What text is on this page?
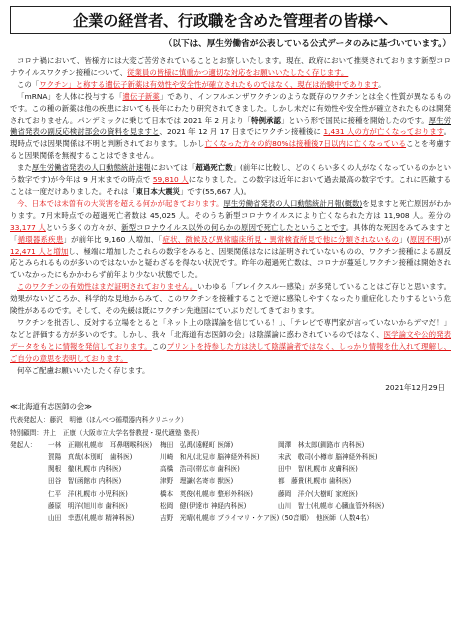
企業の経営者、行政職を含めた管理者の皆様へ
（以下は、厚生労働省が公表している公式データのみに基づいています。）

コロナ禍において、皆様方には大変ご苦労されていることとお察しいたします。現在、政府において推奨されております新型コロナウイルスワクチン接種について、従業員の皆様に慎重かつ適切な対応をお願いいたしたく存じます。

この「ワクチン」と称する遺伝子新薬は有効性や安全性が確立されたものではなく、現在は治験中であります。

「mRNA」を人体に投与する「遺伝子新薬」であり、インフルエンザワクチンのような既存のワクチンとは全く性質が異なるものです。この種の新薬は他の疾患においても長年にわたり研究されてきました。しかし未だに有効性や安全性が確立されたものは開発されておりません。パンデミックに乗じて日本では 2021 年 2 月より「特例承認」という形で国民に接種を開始したのです。厚生労働省発表の副反応検討部会の資料を見ますと、2021 年 12 月 17 日までにワクチン接種後に 1,431 人の方が亡くなっております。現時点では因果関係は不明と判断されております。しかし亡くなった方々の約80%は接種後7日以内に亡くなっていることを考慮すると因果関係を無視することはできません。

また厚生労働省発表の人口動態統計速報においては「超過死亡数」(前年に比較し、どのくらい多くの人がなくなっているのかという数字です)が今年は 9 月末までの時点で 59,810 人になりました。この数字は近年において過去最高の数字です。これに匹敵することは一度だけありました。それは「東日本大震災」です(55,667 人)。

今、日本では未曽有の大災害を超える何かが起きております。厚生労働省発表の人口動態統計月報(概数)を見ますと死亡原因がわかります。7月末時点での超過死亡者数は 45,025 人。そのうち新型コロナウイルスにより亡くなられた方は 11,908 人。差分の 33,177 人という多くの方々が、新型コロナウイルス以外の何らかの原因で死亡したということです。具体的な死因をみてみますと「循環器系疾患」が前年比 9,160 人増加、「症状、徴候及び異常臨床所見・異常検査所見で他に分類されないもの」(原因不明)が 12,471 人と増加し、極端に増加したこれらの数字をみると、因果関係はなには証明されていないものの、ワクチン接種による副反応とみられるものが多いのではないかと疑わざるを得ない状況です。昨年の超過死亡数は、コロナが蔓延しワクチン接種は開始されていなかったにもかかわらず前年より少ない状態でした。

このワクチンの有効性はまだ証明されておりません。いわゆる「ブレイクスルー感染」が多発していることはご存じと思います。効果がないどころか、科学的な見地からみて、このワクチンを接種することで逆に感染しやすくなったり重症化したりするという危険性があるのです。そして、その先緩は既にワクチン先進国にていぶりだしてきております。

ワクチンを批否し、反対する立場をとると「ネット上の陰謀論を信じている！」、「テレビで専門家が言っていないからデマだ！」などと評価する方が多いのです。しかし、我々「北海道有志医師の会」は陰謀論に惑わされているのではなく、医学論文や公的発表データをもとに情報を発信しております。このプリントを持参した方は決して陰謀論者ではなく、しっかり情報を仕入れて理解し、ご自分の意思を表明しております。

何卒ご配慮お願いいたしたく存じます。

2021年12月29日
≪北海道有志医師の会≫
代表発起人： 藤沢　明徳（ほんべつ循環器内科クリニック）
特別顧問： 井上　正康（大阪市立大学名誉教授・現代適塾 塾長）
発起人：	一林　正剛(札幌市　耳鼻咽喉科医)	梅田　弘禹(遠軽町 医師)	岡澤　林太郎(釧路市 内科医)
賀陽　真哉(本別町　歯科医)	川崎　和凡(北見市 脳神経外科医)	末武　敬司(小樽市 脳神経外科医)
関根　徹(札幌市 内科医)	高橋　浩司(帯広市 歯科医)	田中　智(札幌市 皮膚科医)
田谷　智(函館市 内科医)	津野　理謙(名寄市 獣医)	都　藤貴(札幌市 歯科医)
仁平　洋(札幌市 小児科医)	橋本　英俊(札幌市 整形外科医)	藤岡　洋介(大樹町 家庭医)
藤原　明洋(旭川市 歯科医)	松岡　健(伊達市 神経内科医)	山川　智士(札幌市 心臓血管外科医)
山田　幸恵(札幌市 精神科医)	吉野　光晴(札幌市 プライマリ・ケア医)
（50音順）　他医師（人数4名）
